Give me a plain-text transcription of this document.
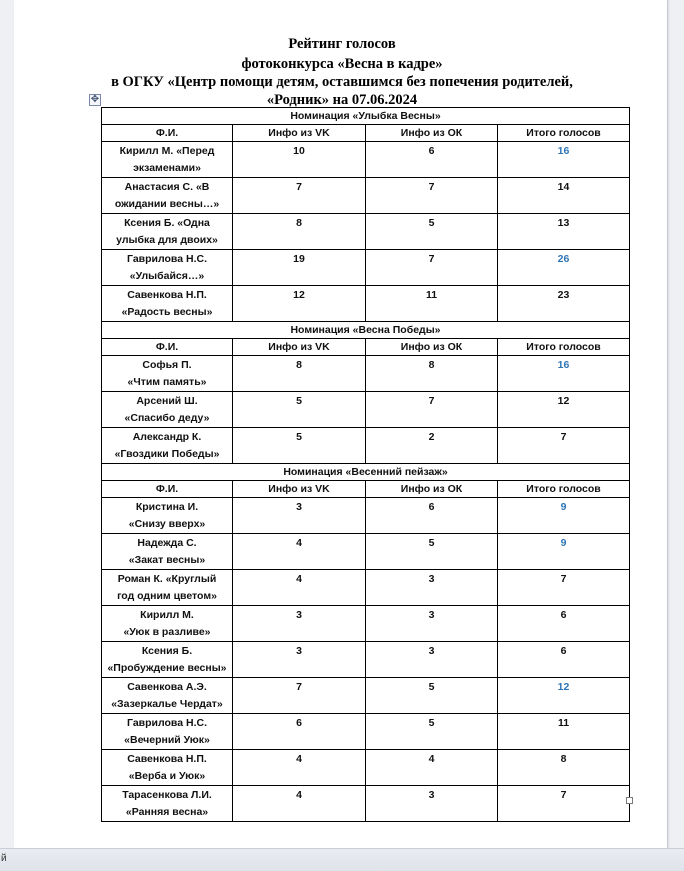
Рейтинг голосов
фотоконкурса «Весна в кадре»
в ОГКУ «Центр помощи детям, оставшимся без попечения родителей,
«Родник» на 07.06.2024
✥
Номинация «Улыбка Весны»			
Ф.И.	Инфо из VK	Инфо из ОК	Итого голосов

Кирилл М. «Перед
экзаменами»	10	6	16

Анастасия С. «В
ожидании весны…»	7	7	14

Ксения Б. «Одна
улыбка для двоих»	8	5	13

Гаврилова Н.С.
«Улыбайся…»	19	7	26

Савенкова Н.П.
«Радость весны»	12	11	23
Номинация «Весна Победы»			
Ф.И.	Инфо из VK	Инфо из ОК	Итого голосов

Софья П.
«Чтим память»	8	8	16

Арсений Ш.
«Спасибо деду»	5	7	12

Александр К.
«Гвоздики Победы»	5	2	7
Номинация «Весенний пейзаж»			
Ф.И.	Инфо из VK	Инфо из ОК	Итого голосов

Кристина И.
«Снизу вверх»	3	6	9

Надежда С.
«Закат весны»	4	5	9

Роман К. «Круглый
год одним цветом»	4	3	7

Кирилл М.
«Уюк в разливе»	3	3	6

Ксения Б.
«Пробуждение весны»	3	3	6

Савенкова А.Э.
«Зазеркалье Чердат»	7	5	12

Гаврилова Н.С.
«Вечерний Уюк»	6	5	11

Савенкова Н.П.
«Верба и Уюк»	4	4	8

Тарасенкова Л.И.
«Ранняя весна»	4	3	7
й
